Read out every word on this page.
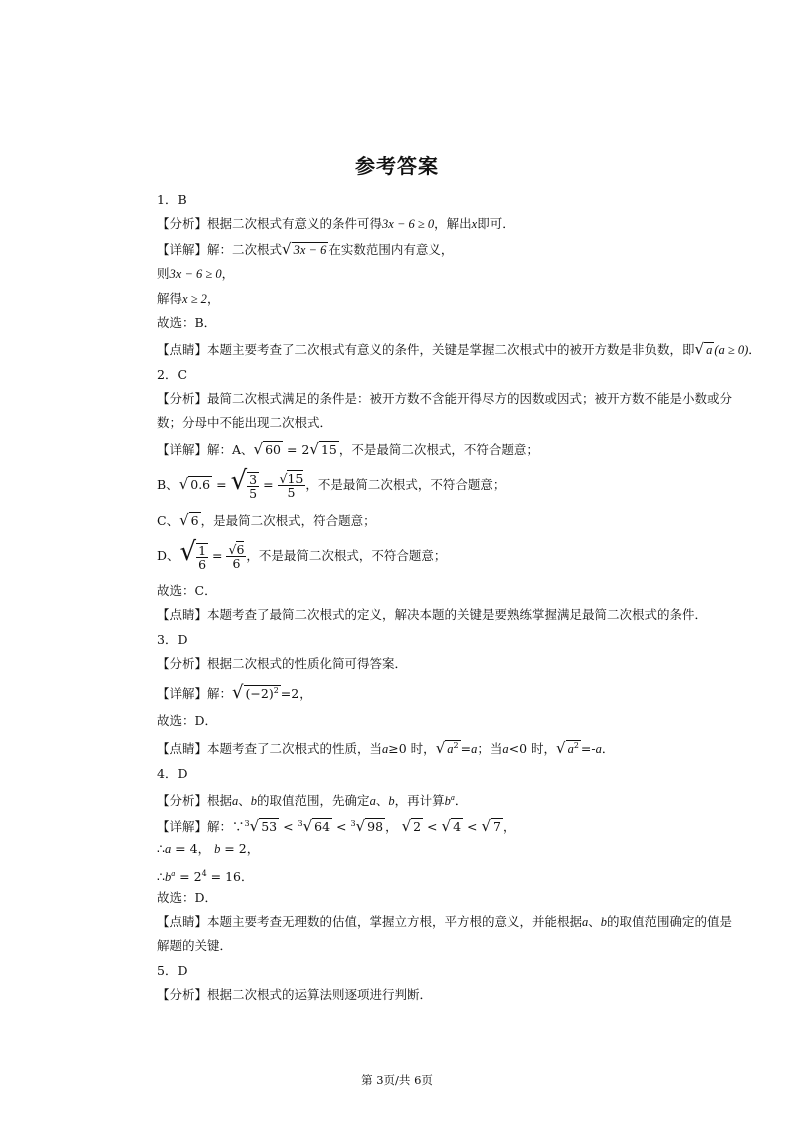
参考答案
1．B
【分析】根据二次根式有意义的条件可得3x − 6 ≥ 0，解出x即可．
【详解】解：二次根式√ 3x − 6 在实数范围内有意义，
则3x − 6 ≥ 0，
解得x ≥ 2，
故选：B．
【点睛】本题主要考查了二次根式有意义的条件，关键是掌握二次根式中的被开方数是非负数，即√ a (a ≥ 0)．
2．C
【分析】最简二次根式满足的条件是：被开方数不含能开得尽方的因数或因式；被开方数不能是小数或分
数；分母中不能出现二次根式．
【详解】解：A、√ 60 = 2√ 15 ，不是最简二次根式，不符合题意；
B、√ 0.6 = √ $\frac{3}{5} = \frac{√15}{5}$ ，不是最简二次根式，不符合题意；
C、√ 6 ，是最简二次根式，符合题意；
D、√ $\frac{1}{6} = \frac{√6}{6}$ ，不是最简二次根式，不符合题意；
故选：C．
【点睛】本题考查了最简二次根式的定义，解决本题的关键是要熟练掌握满足最简二次根式的条件．
3．D
【分析】根据二次根式的性质化简可得答案．
【详解】解：√ $(-2)^2 =2$，
故选：D．
【点睛】本题考查了二次根式的性质，当a≥0 时，√ $a^2 =a$；当a<0 时，√ $a^2 =-a$．
4．D
【分析】根据a、b的取值范围，先确定a、b，再计算$b^a$．
【详解】解：∵$^3$√ 53 < $^3$√ 64 < $^3$√ 98 ， √ 2 < √ 4 < √ 7 ，
∴a = 4， b = 2，
$\therefore b^a = 2^4 = 16$．
故选：D．
【点睛】本题主要考查无理数的估值，掌握立方根，平方根的意义，并能根据a、b的取值范围确定的值是
解题的关键．
5．D
【分析】根据二次根式的运算法则逐项进行判断．
第 3页/共 6页
